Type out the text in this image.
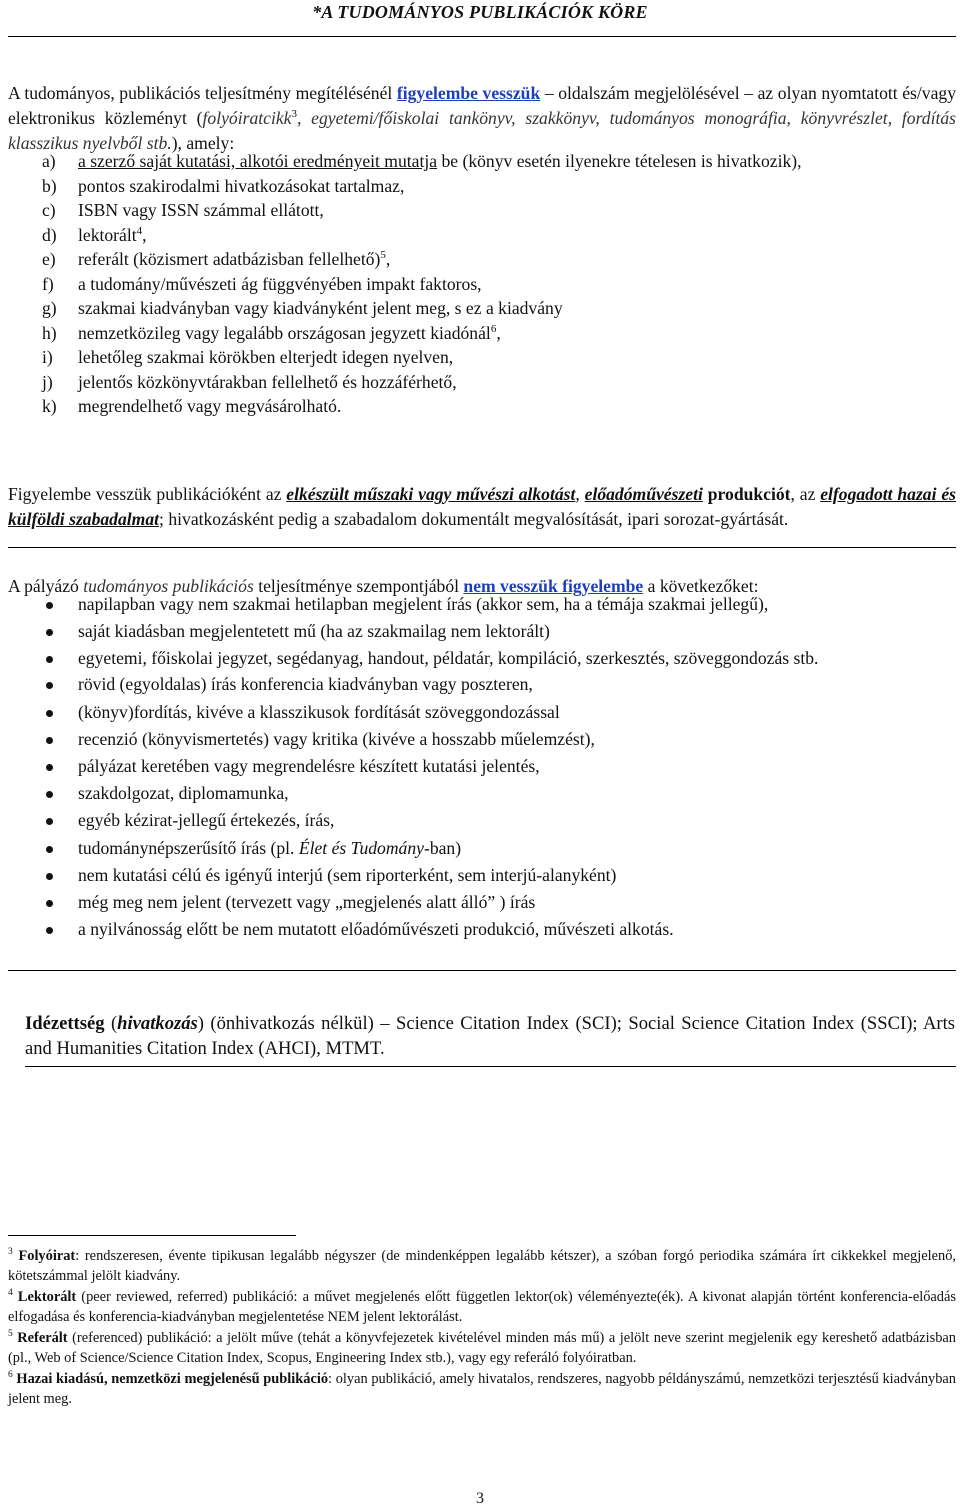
*A TUDOMÁNYOS PUBLIKÁCIÓK KÖRE

A tudományos, publikációs teljesítmény megítélésénél figyelembe vesszük – oldalszám megjelölésével – az olyan nyomtatott és/vagy elektronikus közleményt (folyóiratcikk$^3$, egyetemi/főiskolai tankönyv, szakkönyv, tudományos monográfia, könyvrészlet, fordítás klasszikus nyelvből stb.), amely:

a) a szerző saját kutatási, alkotói eredményeit mutatja be (könyv esetén ilyenekre tételesen is hivatkozik),
b) pontos szakirodalmi hivatkozásokat tartalmaz,
c) ISBN vagy ISSN számmal ellátott,
d) lektorált$^4$,
e) referált (közismert adatbázisban fellelhető)$^5$,
f) a tudomány/művészeti ág függvényében impakt faktoros,
g) szakmai kiadványban vagy kiadványként jelent meg, s ez a kiadvány
h) nemzetközileg vagy legalább országosan jegyzett kiadónál$^6$,
i) lehetőleg szakmai körökben elterjedt idegen nyelven,
j) jelentős közkönyvtárakban fellelhető és hozzáférhető,
k) megrendelhető vagy megvásárolható.

Figyelembe vesszük publikációként az elkészült műszaki vagy művészi alkotást, előadóművészeti produkciót, az elfogadott hazai és külföldi szabadalmat; hivatkozásként pedig a szabadalom dokumentált megvalósítását, ipari sorozat-gyártását.

A pályázó tudományos publikációs teljesítménye szempontjából nem vesszük figyelembe a következőket:

napilapban vagy nem szakmai hetilapban megjelent írás (akkor sem, ha a témája szakmai jellegű),
saját kiadásban megjelentetett mű (ha az szakmailag nem lektorált)
egyetemi, főiskolai jegyzet, segédanyag, handout, példatár, kompiláció, szerkesztés, szöveggondozás stb.
rövid (egyoldalas) írás konferencia kiadványban vagy poszteren,
(könyv)fordítás, kivéve a klasszikusok fordítását szöveggondozással
recenzió (könyvismertetés) vagy kritika (kivéve a hosszabb műelemzést),
pályázat keretében vagy megrendelésre készített kutatási jelentés,
szakdolgozat, diplomamunka,
egyéb kézirat-jellegű értekezés, írás,
tudománynépszerűsítő írás (pl. Élet és Tudomány-ban)
nem kutatási célú és igényű interjú (sem riporterként, sem interjú-alanyként)
még meg nem jelent (tervezett vagy „megjelenés alatt álló” ) írás
a nyilvánosság előtt be nem mutatott előadóművészeti produkció, művészeti alkotás.

Idézettség (hivatkozás) (önhivatkozás nélkül) – Science Citation Index (SCI); Social Science Citation Index (SSCI); Arts and Humanities Citation Index (AHCI), MTMT.

$^3$ Folyóirat: rendszeresen, évente tipikusan legalább négyszer (de mindenképpen legalább kétszer), a szóban forgó periodika számára írt cikkekkel megjelenő, kötetszámmal jelölt kiadvány.
$^4$ Lektorált (peer reviewed, referred) publikáció: a művet megjelenés előtt független lektor(ok) véleményezte(ék). A kivonat alapján történt konferencia-előadás elfogadása és konferencia-kiadványban megjelentetése NEM jelent lektorálást.
$^5$ Referált (referenced) publikáció: a jelölt műve (tehát a könyvfejezetek kivételével minden más mű) a jelölt neve szerint megjelenik egy kereshető adatbázisban (pl., Web of Science/Science Citation Index, Scopus, Engineering Index stb.), vagy egy referáló folyóiratban.
$^6$ Hazai kiadású, nemzetközi megjelenésű publikáció: olyan publikáció, amely hivatalos, rendszeres, nagyobb példányszámú, nemzetközi terjesztésű kiadványban jelent meg.
3
